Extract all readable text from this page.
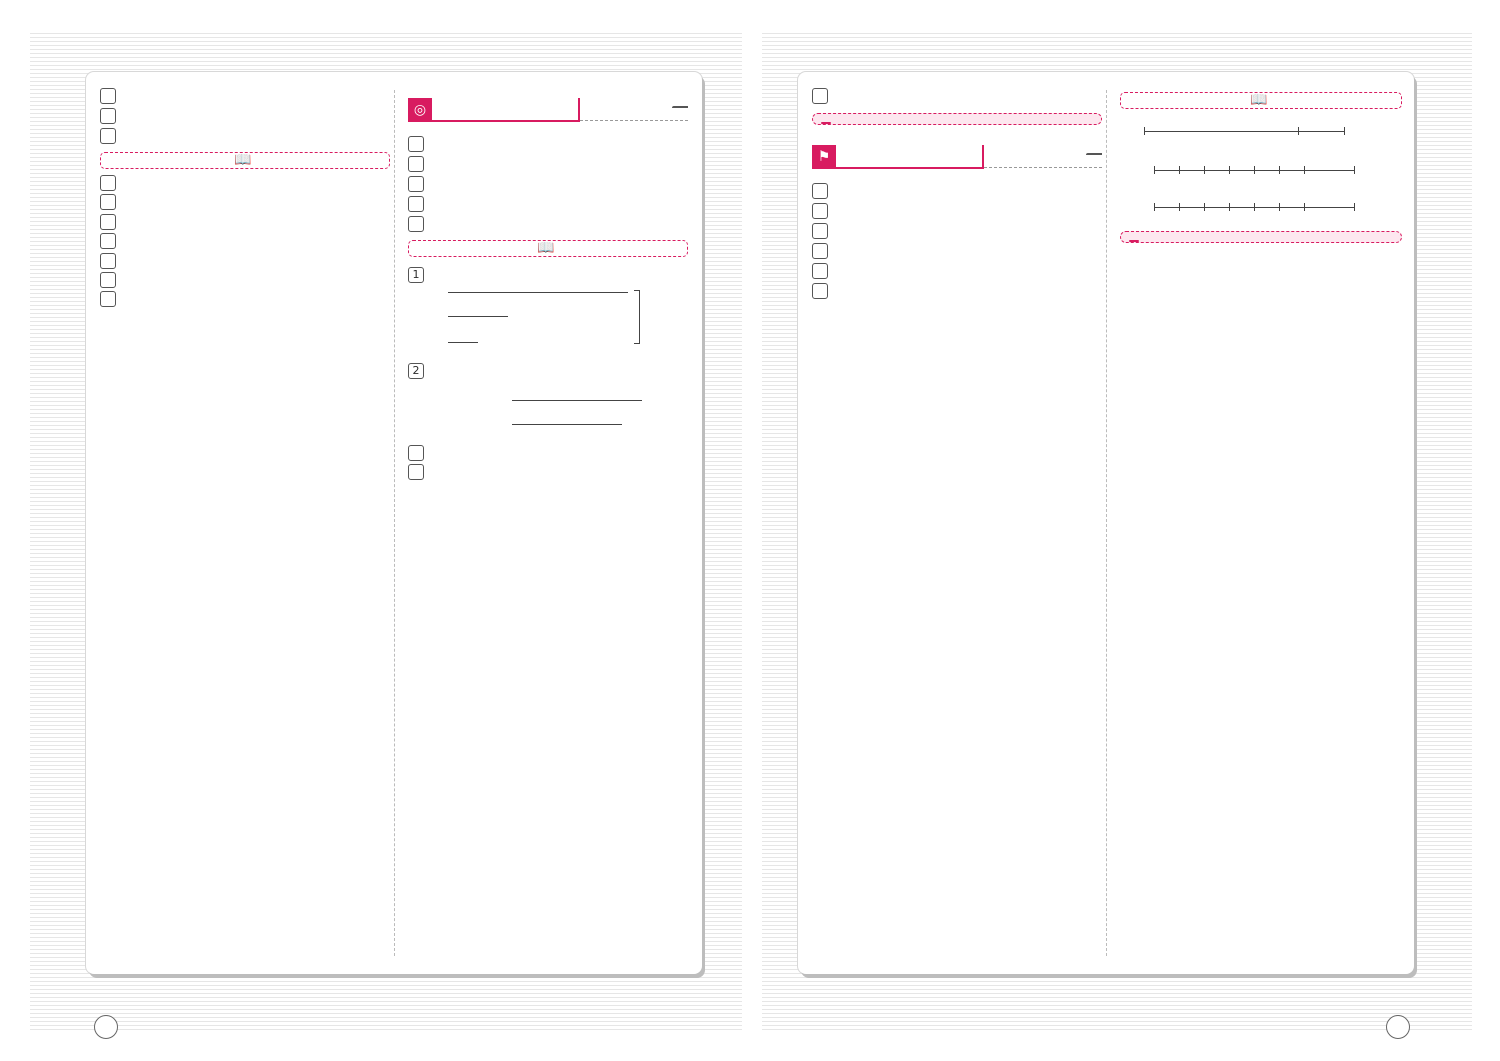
📖

◎

📖

1

2

⚑

📖
